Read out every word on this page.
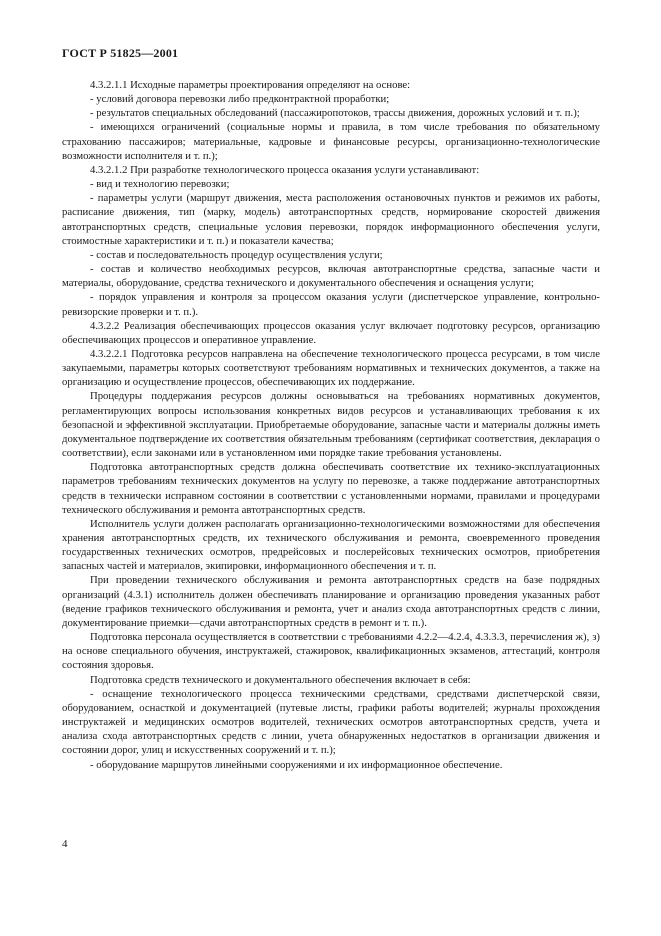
ГОСТ Р 51825—2001

4.3.2.1.1 Исходные параметры проектирования определяют на основе:

- условий договора перевозки либо предконтрактной проработки;

- результатов специальных обследований (пассажиропотоков, трассы движения, дорожных условий и т. п.);

- имеющихся ограничений (социальные нормы и правила, в том числе требования по обязательному страхованию пассажиров; материальные, кадровые и финансовые ресурсы, организационно-технологические возможности исполнителя и т. п.);

4.3.2.1.2 При разработке технологического процесса оказания услуги устанавливают:

- вид и технологию перевозки;

- параметры услуги (маршрут движения, места расположения остановочных пунктов и режимов их работы, расписание движения, тип (марку, модель) автотранспортных средств, нормирование скоростей движения автотранспортных средств, специальные условия перевозки, порядок информационного обеспечения услуги, стоимостные характеристики и т. п.) и показатели качества;

- состав и последовательность процедур осуществления услуги;

- состав и количество необходимых ресурсов, включая автотранспортные средства, запасные части и материалы, оборудование, средства технического и документального обеспечения и оснащения услуги;

- порядок управления и контроля за процессом оказания услуги (диспетчерское управление, контрольно-ревизорские проверки и т. п.).

4.3.2.2 Реализация обеспечивающих процессов оказания услуг включает подготовку ресурсов, организацию обеспечивающих процессов и оперативное управление.

4.3.2.2.1 Подготовка ресурсов направлена на обеспечение технологического процесса ресурсами, в том числе закупаемыми, параметры которых соответствуют требованиям нормативных и технических документов, а также на организацию и осуществление процессов, обеспечивающих их поддержание.

Процедуры поддержания ресурсов должны основываться на требованиях нормативных документов, регламентирующих вопросы использования конкретных видов ресурсов и устанавливающих требования к их безопасной и эффективной эксплуатации. Приобретаемые оборудование, запасные части и материалы должны иметь документальное подтверждение их соответствия обязательным требованиям (сертификат соответствия, декларация о соответствии), если законами или в установленном ими порядке такие требования установлены.

Подготовка автотранспортных средств должна обеспечивать соответствие их технико-эксплуатационных параметров требованиям технических документов на услугу по перевозке, а также поддержание автотранспортных средств в технически исправном состоянии в соответствии с установленными нормами, правилами и процедурами технического обслуживания и ремонта автотранспортных средств.

Исполнитель услуги должен располагать организационно-технологическими возможностями для обеспечения хранения автотранспортных средств, их технического обслуживания и ремонта, своевременного проведения государственных технических осмотров, предрейсовых и послерейсовых технических осмотров, приобретения запасных частей и материалов, экипировки, информационного обеспечения и т. п.

При проведении технического обслуживания и ремонта автотранспортных средств на базе подрядных организаций (4.3.1) исполнитель должен обеспечивать планирование и организацию проведения указанных работ (ведение графиков технического обслуживания и ремонта, учет и анализ схода автотранспортных средств с линии, документирование приемки—сдачи автотранспортных средств в ремонт и т. п.).

Подготовка персонала осуществляется в соответствии с требованиями 4.2.2—4.2.4, 4.3.3.3, перечисления ж), з) на основе специального обучения, инструктажей, стажировок, квалификационных экзаменов, аттестаций, контроля состояния здоровья.

Подготовка средств технического и документального обеспечения включает в себя:

- оснащение технологического процесса техническими средствами, средствами диспетчерской связи, оборудованием, оснасткой и документацией (путевые листы, графики работы водителей; журналы прохождения инструктажей и медицинских осмотров водителей, технических осмотров автотранспортных средств, учета и анализа схода автотранспортных средств с линии, учета обнаруженных недостатков в организации движения и состоянии дорог, улиц и искусственных сооружений и т. п.);

- оборудование маршрутов линейными сооружениями и их информационное обеспечение.

4
